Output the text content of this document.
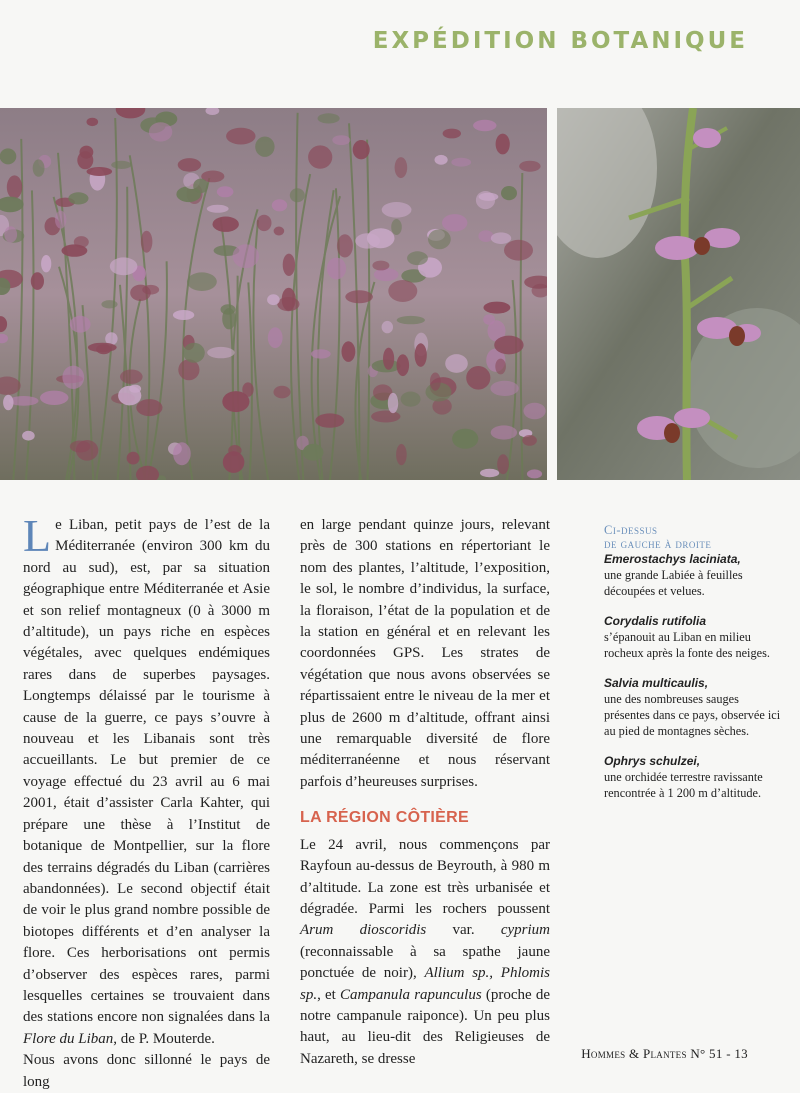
EXPÉDITION BOTANIQUE

Le Liban, petit pays de l’est de la Méditerranée (environ 300 km du nord au sud), est, par sa situation géographique entre Méditerranée et Asie et son relief montagneux (0 à 3000 m d’altitude), un pays riche en espèces végétales, avec quelques endémiques rares dans de superbes paysages. Longtemps délaissé par le tourisme à cause de la guerre, ce pays s’ouvre à nouveau et les Libanais sont très accueillants. Le but premier de ce voyage effectué du 23 avril au 6 mai 2001, était d’assister Carla Kahter, qui prépare une thèse à l’Institut de botanique de Montpellier, sur la flore des terrains dégradés du Liban (carrières abandonnées). Le second objectif était de voir le plus grand nombre possible de biotopes différents et d’en analyser la flore. Ces herborisations ont permis d’observer des espèces rares, parmi lesquelles certaines se trouvaient dans des stations encore non signalées dans la Flore du Liban, de P. Mouterde.

Nous avons donc sillonné le pays de long

en large pendant quinze jours, relevant près de 300 stations en répertoriant le nom des plantes, l’altitude, l’exposition, le sol, le nombre d’individus, la surface, la floraison, l’état de la population et de la station en général et en relevant les coordonnées GPS. Les strates de végétation que nous avons observées se répartissaient entre le niveau de la mer et plus de 2600 m d’altitude, offrant ainsi une remarquable diversité de flore méditerranéenne et nous réservant parfois d’heureuses surprises.

LA RÉGION CÔTIÈRE

Le 24 avril, nous commençons par Rayfoun au-dessus de Beyrouth, à 980 m d’altitude. La zone est très urbanisée et dégradée. Parmi les rochers poussent Arum dioscoridis var. cyprium (reconnaissable à sa spathe jaune ponctuée de noir), Allium sp., Phlomis sp., et Campanula rapunculus (proche de notre campanule raiponce). Un peu plus haut, au lieu-dit des Religieuses de Nazareth, se dresse

Ci-dessus
de gauche à droite
Emerostachys laciniata,
une grande Labiée à feuilles découpées et velues.
Corydalis rutifolia
s’épanouit au Liban en milieu rocheux après la fonte des neiges.
Salvia multicaulis,
une des nombreuses sauges présentes dans ce pays, observée ici au pied de montagnes sèches.
Ophrys schulzei,
une orchidée terrestre ravissante rencontrée à 1 200 m d’altitude.
Hommes & Plantes N° 51 - 13
